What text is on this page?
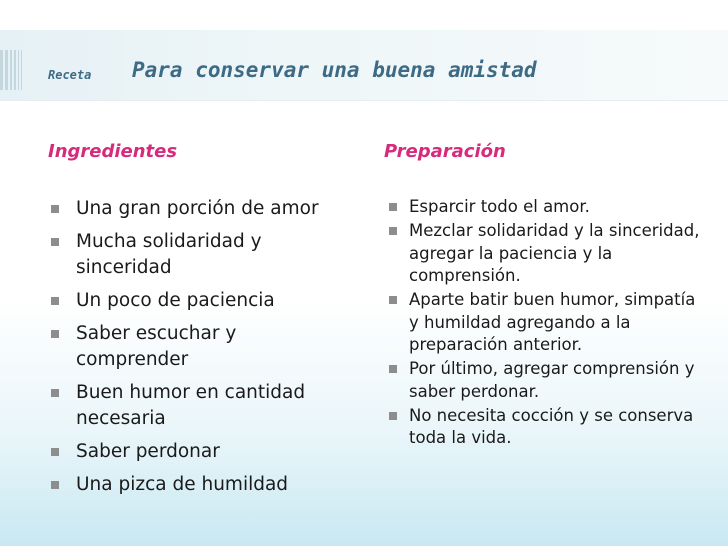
Receta Para conservar una buena amistad
Ingredientes	Preparación
Una gran porción de amor
Mucha solidaridad y sinceridad
Un poco de paciencia
Saber escuchar y comprender
Buen humor en cantidad necesaria
Saber perdonar
Una pizca de humildad
Esparcir todo el amor.
Mezclar solidaridad y la sinceridad, agregar la paciencia y la comprensión.
Aparte batir buen humor, simpatía y humildad agregando a la preparación anterior.
Por último, agregar comprensión y saber perdonar.
No necesita cocción y se conserva toda la vida.
